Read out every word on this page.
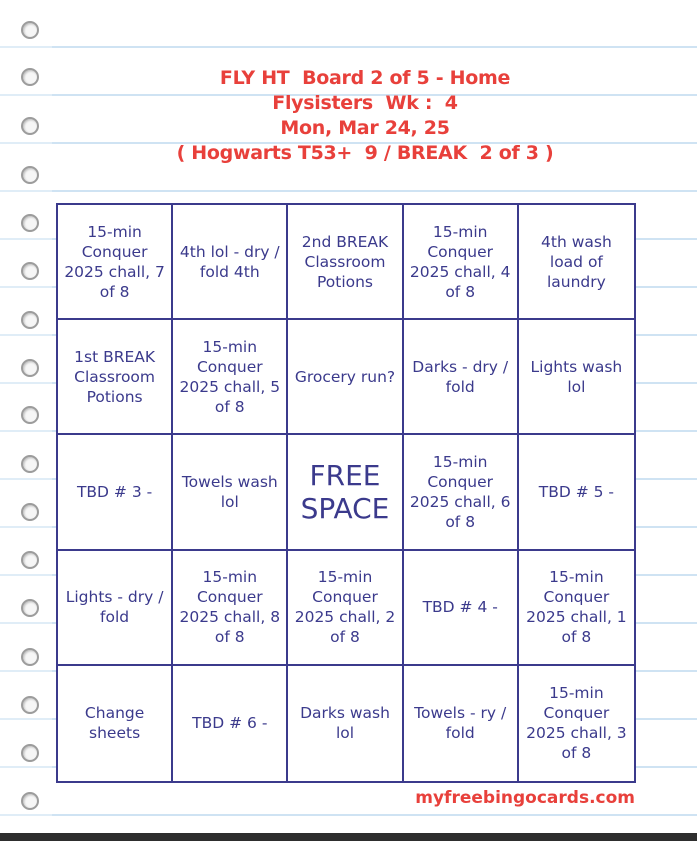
FLY HT  Board 2 of 5 - Home
Flysisters  Wk :  4
Mon, Mar 24, 25
( Hogwarts T53+  9 / BREAK  2 of 3 )
15-min Conquer 2025 chall, 7 of 8
4th lol - dry / fold 4th
2nd BREAK Classroom Potions
15-min Conquer 2025 chall, 4 of 8
4th wash load of laundry
1st BREAK Classroom Potions
15-min Conquer 2025 chall, 5 of 8
Grocery run?
Darks - dry / fold
Lights wash lol
TBD # 3 -
Towels wash lol
FREE SPACE
15-min Conquer 2025 chall, 6 of 8
TBD # 5 -
Lights - dry / fold
15-min Conquer 2025 chall, 8 of 8
15-min Conquer 2025 chall, 2 of 8
TBD # 4 -
15-min Conquer 2025 chall, 1 of 8
Change sheets
TBD # 6 -
Darks wash lol
Towels - ry / fold
15-min Conquer 2025 chall, 3 of 8
myfreebingocards.com
